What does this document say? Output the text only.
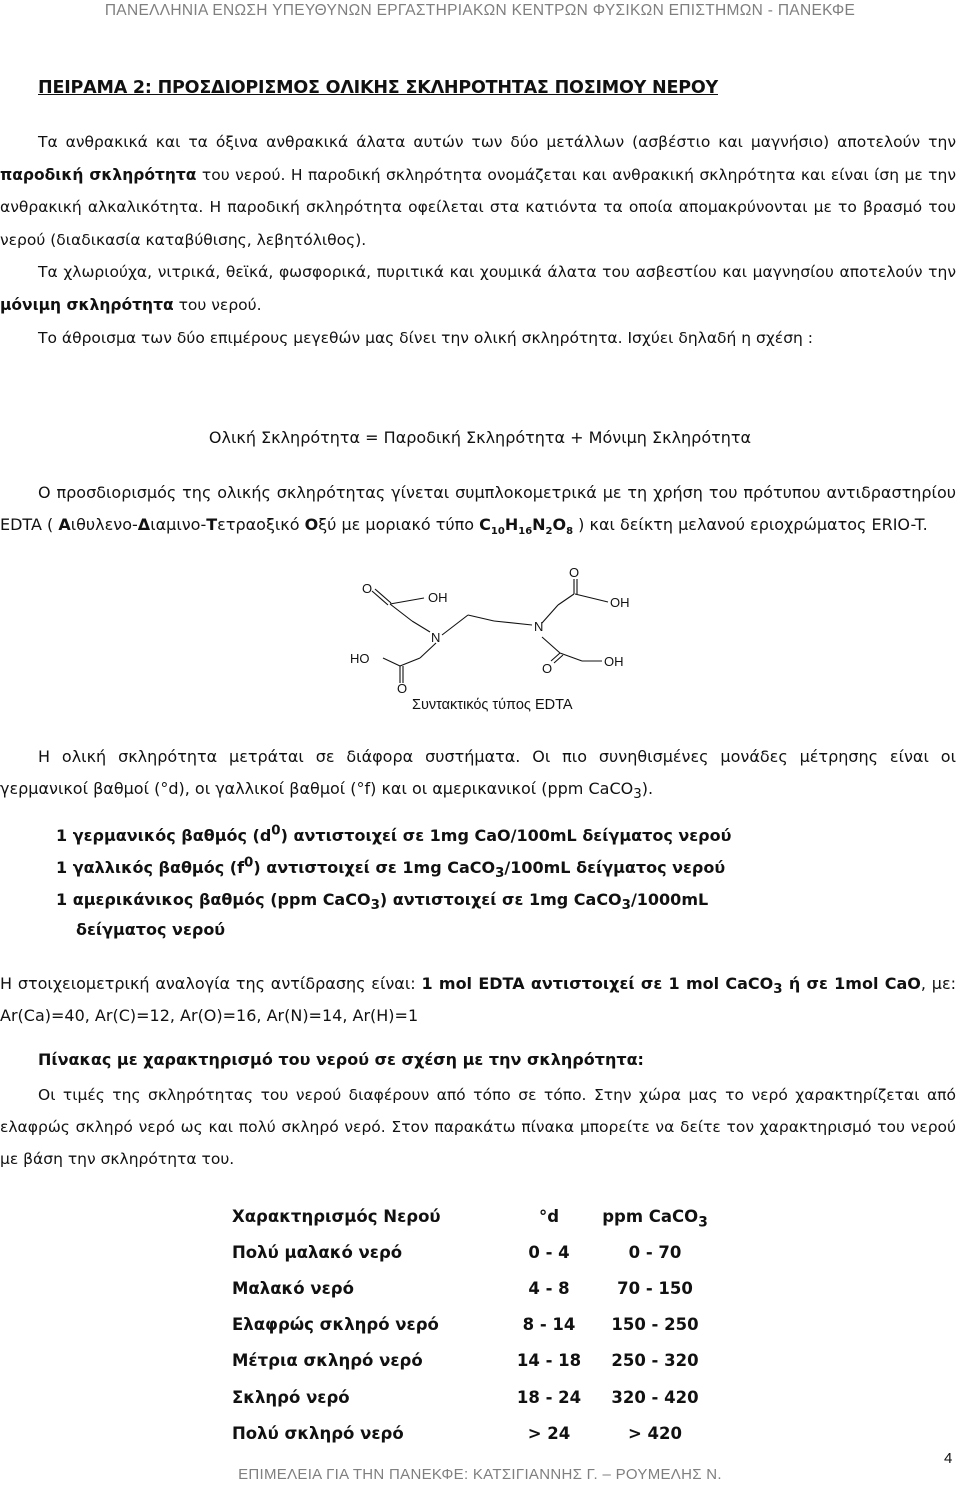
ΠΑΝΕΛΛΗΝΙΑ ΕΝΩΣΗ ΥΠΕΥΘΥΝΩΝ ΕΡΓΑΣΤΗΡΙΑΚΩΝ ΚΕΝΤΡΩΝ ΦΥΣΙΚΩΝ ΕΠΙΣΤΗΜΩΝ - ΠΑΝΕΚΦΕ
ΠΕΙΡΑΜΑ 2: ΠΡΟΣΔΙΟΡΙΣΜΟΣ ΟΛΙΚΗΣ ΣΚΛΗΡΟΤΗΤΑΣ ΠΟΣΙΜΟΥ ΝΕΡΟΥ

Τα ανθρακικά και τα όξινα ανθρακικά άλατα αυτών των δύο μετάλλων (ασβέστιο και μαγνήσιο) αποτελούν την παροδική σκληρότητα του νερού. Η παροδική σκληρότητα ονομάζεται και ανθρακική σκληρότητα και είναι ίση με την ανθρακική αλκαλικότητα. Η παροδική σκληρότητα οφείλεται στα κατιόντα τα οποία απομακρύνονται με το βρασμό του νερού (διαδικασία καταβύθισης, λεβητόλιθος).

Τα χλωριούχα, νιτρικά, θεϊκά, φωσφορικά, πυριτικά και χουμικά άλατα του ασβεστίου και μαγνησίου αποτελούν την μόνιμη σκληρότητα του νερού.

Το άθροισμα των δύο επιμέρους μεγεθών μας δίνει την ολική σκληρότητα. Ισχύει δηλαδή η σχέση :

Ολική Σκληρότητα = Παροδική Σκληρότητα + Μόνιμη Σκληρότητα
Ο προσδιορισμός της ολικής σκληρότητας γίνεται συμπλοκομετρικά με τη χρήση του πρότυπου αντιδραστηρίου EDTA ( Αιθυλενο-Διαμινο-Τετραοξικό Οξύ με μοριακό τύπο $C_{10}H_{16}N_2O_8$ ) και δείκτη μελανού εριοχρώματος ERIO-T.
O
OH
O
OH
N
N
HO
O	OH
O
Συντακτικός τύπος EDTA
Η ολική σκληρότητα μετράται σε διάφορα συστήματα. Οι πιο συνηθισμένες μονάδες μέτρησης είναι οι γερμανικοί βαθμοί (°d), οι γαλλικοί βαθμοί (°f) και οι αμερικανικοί (ppm CaCO$_3$).
1 γερμανικός βαθμός $(d^0)$ αντιστοιχεί σε 1mg CaO/100mL δείγματος νερού
1 γαλλικός βαθμός $(f^0)$ αντιστοιχεί σε 1mg CaCO$_3$/100mL δείγματος νερού
1 αμερικάνικος βαθμός (ppm CaCO$_3$) αντιστοιχεί σε 1mg CaCO$_3$/1000mL
δείγματος νερού
Η στοιχειομετρική αναλογία της αντίδρασης είναι: 1 mol EDTA αντιστοιχεί σε 1 mol CaCO$_3$ ή σε 1mol CaO, με: Ar(Ca)=40, Ar(C)=12, Ar(O)=16, Ar(N)=14, Ar(H)=1
Πίνακας με χαρακτηρισμό του νερού σε σχέση με την σκληρότητα:
Οι τιμές της σκληρότητας του νερού διαφέρουν από τόπο σε τόπο. Στην χώρα μας το νερό χαρακτηρίζεται από ελαφρώς σκληρό νερό ως και πολύ σκληρό νερό. Στον παρακάτω πίνακα μπορείτε να δείτε τον χαρακτηρισμό του νερού με βάση την σκληρότητα του.
Χαρακτηρισμός Νερού	°d	ppm CaCO$_3$
Πολύ μαλακό νερό	0 - 4	0 - 70
Μαλακό νερό	4 - 8	70 - 150
Ελαφρώς σκληρό νερό	8 - 14	150 - 250
Μέτρια σκληρό νερό	14 - 18	250 - 320
Σκληρό νερό	18 - 24	320 - 420
Πολύ σκληρό νερό	> 24	> 420
4
ΕΠΙΜΕΛΕΙΑ ΓΙΑ ΤΗΝ ΠΑΝΕΚΦΕ: ΚΑΤΣΙΓΙΑΝΝΗΣ Γ. – ΡΟΥΜΕΛΗΣ Ν.
